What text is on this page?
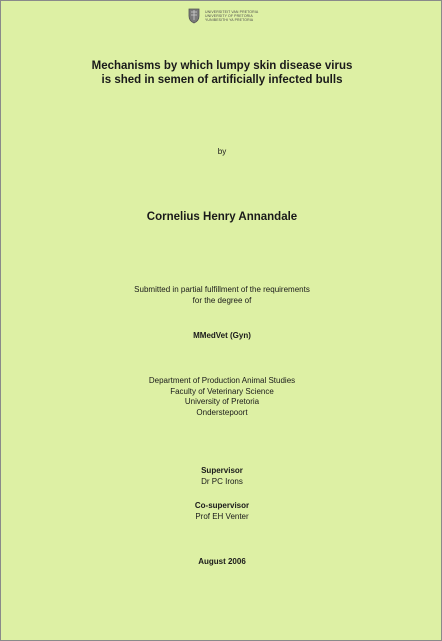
UNIVERSITEIT VAN PRETORIA
UNIVERSITY OF PRETORIA
YUNIBESITHI YA PRETORIA
Mechanisms by which lumpy skin disease virus
is shed in semen of artificially infected bulls
by
Cornelius Henry Annandale
Submitted in partial fulfillment of the requirements
for the degree of
MMedVet (Gyn)
Department of Production Animal Studies
Faculty of Veterinary Science
University of Pretoria
Onderstepoort
Supervisor
Dr PC Irons
Co-supervisor
Prof EH Venter
August 2006
